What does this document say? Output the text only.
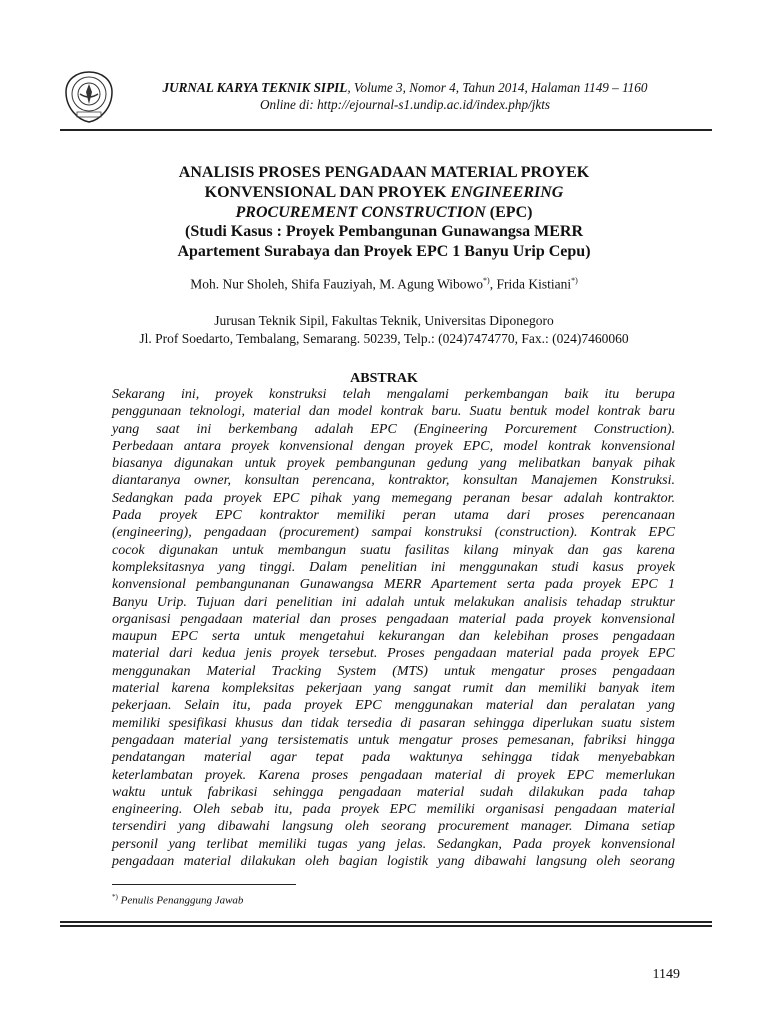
JURNAL KARYA TEKNIK SIPIL, Volume 3, Nomor 4, Tahun 2014, Halaman 1149 – 1160
Online di: http://ejournal-s1.undip.ac.id/index.php/jkts
ANALISIS PROSES PENGADAAN MATERIAL PROYEK
KONVENSIONAL DAN PROYEK ENGINEERING
PROCUREMENT CONSTRUCTION (EPC)
(Studi Kasus : Proyek Pembangunan Gunawangsa MERR
Apartement Surabaya dan Proyek EPC 1 Banyu Urip Cepu)
Moh. Nur Sholeh, Shifa Fauziyah, M. Agung Wibowo*), Frida Kistiani*)
Jurusan Teknik Sipil, Fakultas Teknik, Universitas Diponegoro
Jl. Prof Soedarto, Tembalang, Semarang. 50239, Telp.: (024)7474770, Fax.: (024)7460060
ABSTRAK
Sekarang ini, proyek konstruksi telah mengalami perkembangan baik itu berupa
penggunaan teknologi, material dan model kontrak baru. Suatu bentuk model kontrak baru
yang saat ini berkembang adalah EPC (Engineering Porcurement Construction).
Perbedaan antara proyek konvensional dengan proyek EPC, model kontrak konvensional
biasanya digunakan untuk proyek pembangunan gedung yang melibatkan banyak pihak
diantaranya owner, konsultan perencana, kontraktor, konsultan Manajemen Konstruksi.
Sedangkan pada proyek EPC pihak yang memegang peranan besar adalah kontraktor.
Pada proyek EPC kontraktor memiliki peran utama dari proses perencanaan
(engineering), pengadaan (procurement) sampai konstruksi (construction). Kontrak EPC
cocok digunakan untuk membangun suatu fasilitas kilang minyak dan gas karena
kompleksitasnya yang tinggi. Dalam penelitian ini menggunakan studi kasus proyek
konvensional pembangunanan Gunawangsa MERR Apartement serta pada proyek EPC 1
Banyu Urip. Tujuan dari penelitian ini adalah untuk melakukan analisis tehadap struktur
organisasi pengadaan material dan proses pengadaan material pada proyek konvensional
maupun EPC serta untuk mengetahui kekurangan dan kelebihan proses pengadaan
material dari kedua jenis proyek tersebut. Proses pengadaan material pada proyek EPC
menggunakan Material Tracking System (MTS) untuk mengatur proses pengadaan
material karena kompleksitas pekerjaan yang sangat rumit dan memiliki banyak item
pekerjaan. Selain itu, pada proyek EPC menggunakan material dan peralatan yang
memiliki spesifikasi khusus dan tidak tersedia di pasaran sehingga diperlukan suatu sistem
pengadaan material yang tersistematis untuk mengatur proses pemesanan, fabriksi hingga
pendatangan material agar tepat pada waktunya sehingga tidak menyebabkan
keterlambatan proyek. Karena proses pengadaan material di proyek EPC memerlukan
waktu untuk fabrikasi sehingga pengadaan material sudah dilakukan pada tahap
engineering. Oleh sebab itu, pada proyek EPC memiliki organisasi pengadaan material
tersendiri yang dibawahi langsung oleh seorang procurement manager. Dimana setiap
personil yang terlibat memiliki tugas yang jelas. Sedangkan, Pada proyek konvensional
pengadaan material dilakukan oleh bagian logistik yang dibawahi langsung oleh seorang
*) Penulis Penanggung Jawab
1149
